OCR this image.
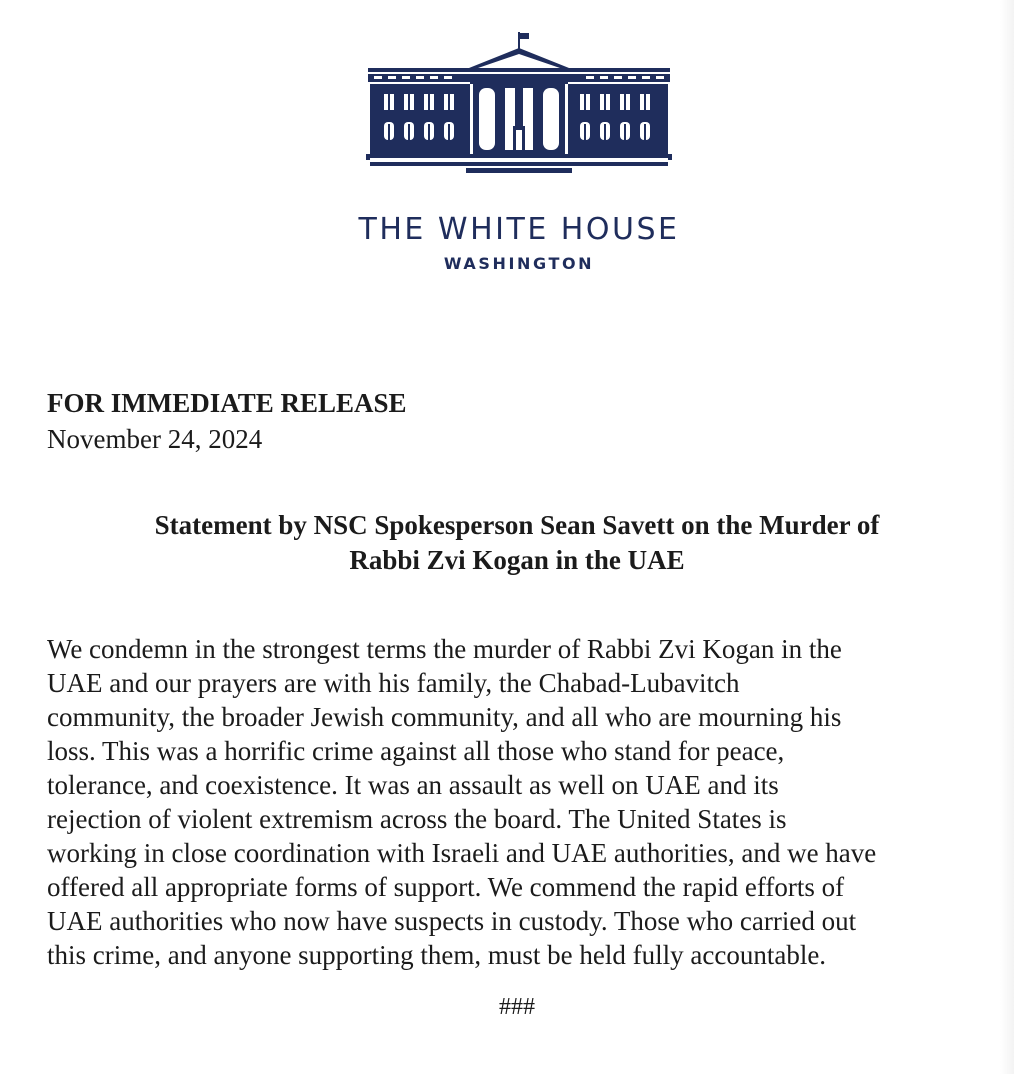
THE WHITE HOUSE
WASHINGTON
FOR IMMEDIATE RELEASE
November 24, 2024
Statement by NSC Spokesperson Sean Savett on the Murder of
Rabbi Zvi Kogan in the UAE
We condemn in the strongest terms the murder of Rabbi Zvi Kogan in the
UAE and our prayers are with his family, the Chabad-Lubavitch
community, the broader Jewish community, and all who are mourning his
loss. This was a horrific crime against all those who stand for peace,
tolerance, and coexistence. It was an assault as well on UAE and its
rejection of violent extremism across the board. The United States is
working in close coordination with Israeli and UAE authorities, and we have
offered all appropriate forms of support. We commend the rapid efforts of
UAE authorities who now have suspects in custody. Those who carried out
this crime, and anyone supporting them, must be held fully accountable.
###
